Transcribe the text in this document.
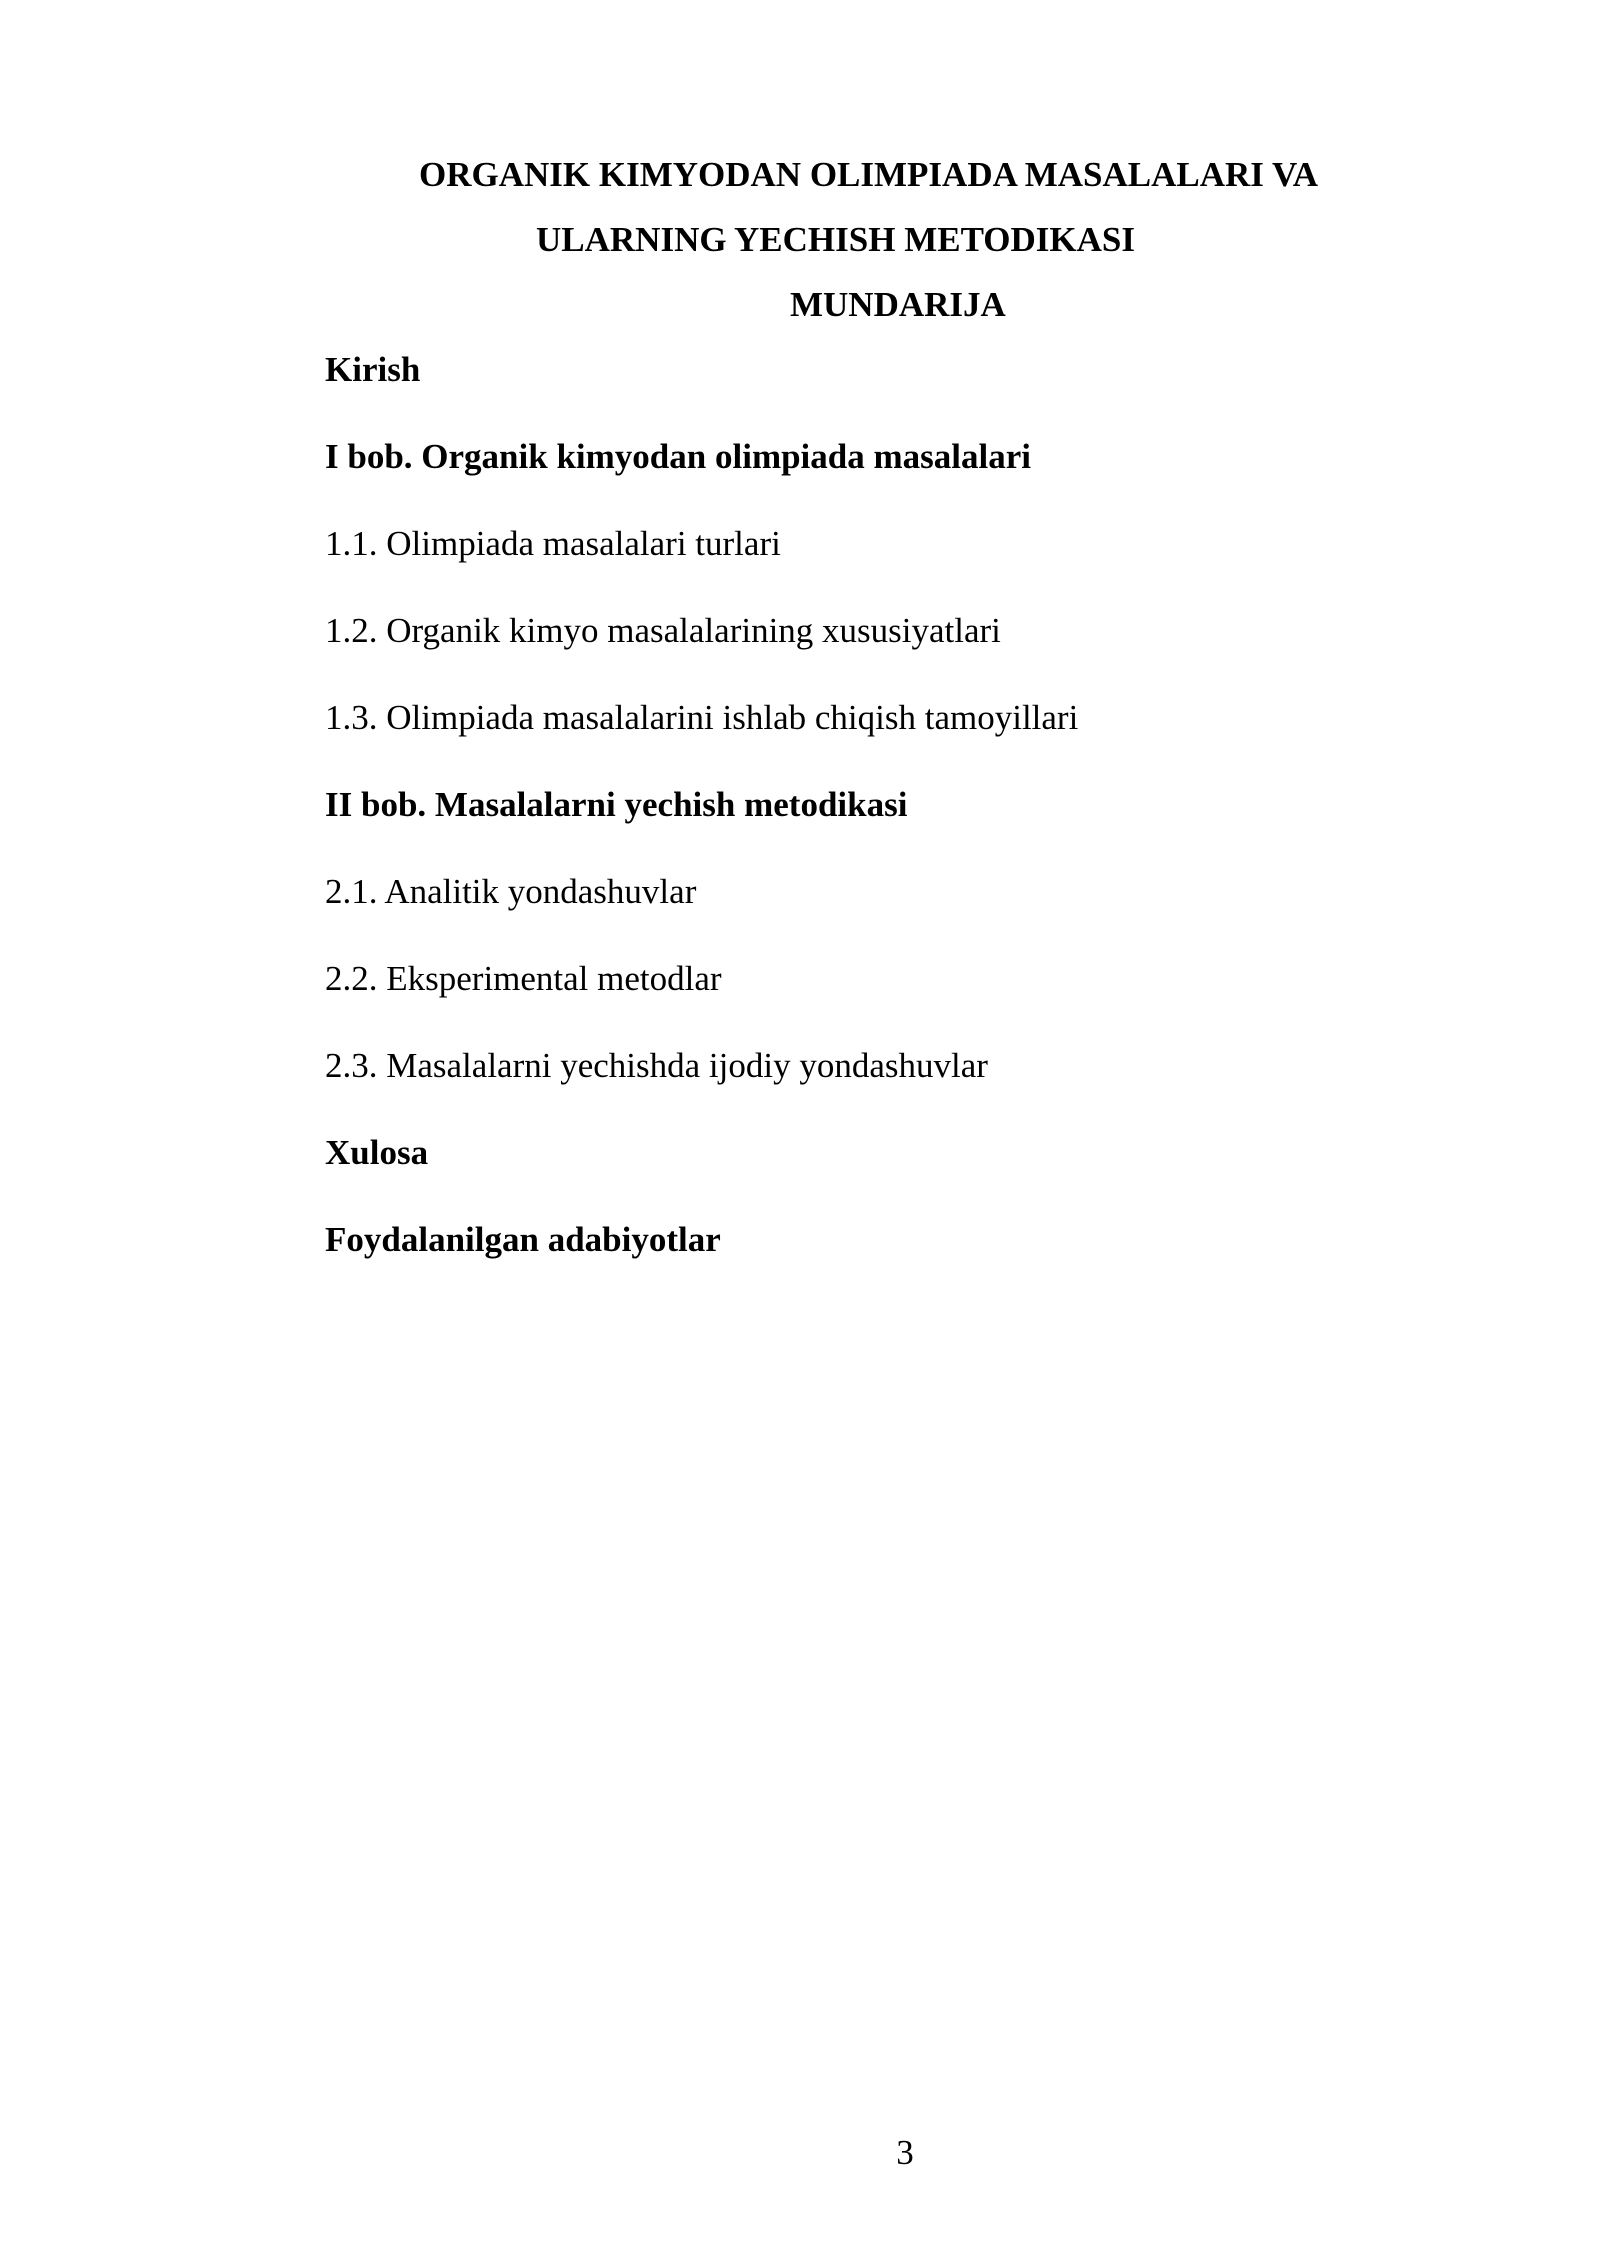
ORGANIK KIMYODAN OLIMPIADA MASALALARI VA
ULARNING YECHISH METODIKASI
MUNDARIJA
Kirish
I bob. Organik kimyodan olimpiada masalalari
1.1. Olimpiada masalalari turlari
1.2. Organik kimyo masalalarining xususiyatlari
1.3. Olimpiada masalalarini ishlab chiqish tamoyillari
II bob. Masalalarni yechish metodikasi
2.1. Analitik yondashuvlar
2.2. Eksperimental metodlar
2.3. Masalalarni yechishda ijodiy yondashuvlar
Xulosa
Foydalanilgan adabiyotlar
3
